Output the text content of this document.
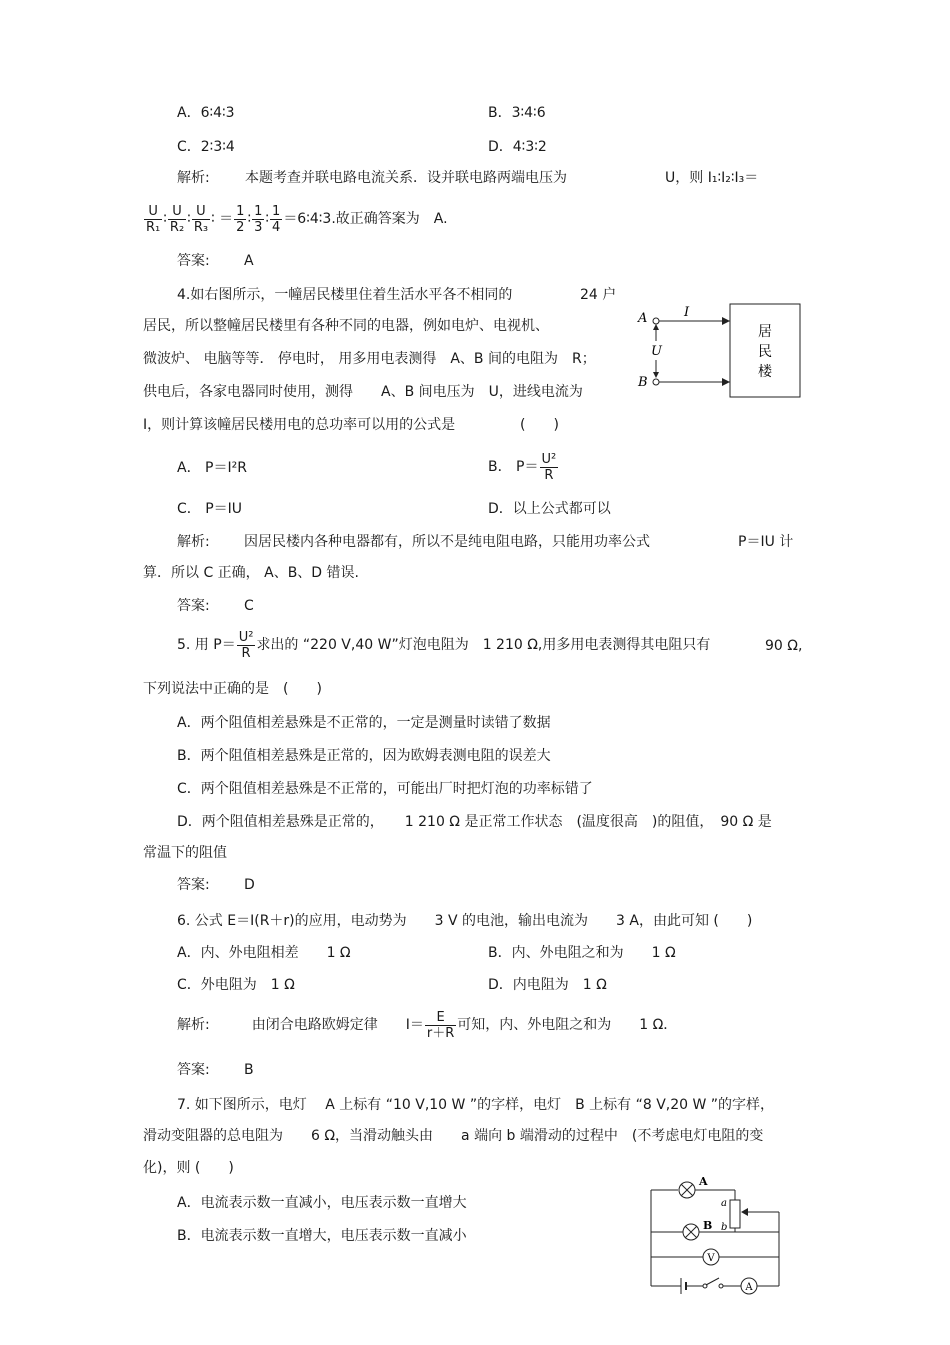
A．6∶4∶3	B．3∶4∶6
C．2∶3∶4	D．4∶3∶2
解析:	本题考查并联电路电流关系．设并联电路两端电压为	U，则 I₁∶I₂∶I₃＝
$\frac{U}{\text{R₁}}$ ∶ $\frac{U}{\text{R₂}}$ ∶ $\frac{U}{\text{R₃}}$ ∶ ＝ $\frac{1}{2}$ ∶ $\frac{1}{3}$ ∶ $\frac{1}{4}$ ＝6∶4∶3.故正确答案为　A.
答案: A
4.如右图所示，一幢居民楼里住着生活水平各不相同的	24 户
居民，所以整幢居民楼里有各种不同的电器，例如电炉、电视机、
微波炉、 电脑等等． 停电时， 用多用电表测得　A、B 间的电阻为　R；
供电后，各家电器同时使用，测得　　A、B 间电压为　U，进线电流为
I，则计算该幢居民楼用电的总功率可以用的公式是	(　　)
A	I
U
B
居
民
楼
A． P＝I²R	B． $P= \frac{\text{U²}}{R}$
C． P＝IU	D．以上公式都可以
解析: 因居民楼内各种电器都有，所以不是纯电阻电路，只能用功率公式	P＝IU 计
算．所以 C 正确， A、B、D 错误.
答案: C
5. 用 $P= \frac{\text{U²}}{R}$ 求出的 “220 V,40 W”灯泡电阻为　1 210 Ω,用多用电表测得其电阻只有	90 Ω,
下列说法中正确的是　(　　)
A．两个阻值相差悬殊是不正常的，一定是测量时读错了数据
B．两个阻值相差悬殊是正常的，因为欧姆表测电阻的误差大
C．两个阻值相差悬殊是不正常的，可能出厂时把灯泡的功率标错了
D．两个阻值相差悬殊是正常的，　　1 210 Ω 是正常工作状态　(温度很高　)的阻值，　90 Ω 是
常温下的阻值
答案: D
6. 公式 E＝I(R＋r)的应用，电动势为　　3 V 的电池，输出电流为　　3 A，由此可知 (　　)
A．内、外电阻相差　　1 Ω	B．内、外电阻之和为　　1 Ω
C．外电阻为　1 Ω	D．内电阻为　1 Ω
解析:　　　	由闭合电路欧姆定律　　$I= \frac{E}{r+R}$ 可知，内、外电阻之和为　　1 Ω．
答案: B
7. 如下图所示，电灯　 A 上标有 “10 V,10 W ”的字样，电灯　B 上标有 “8 V,20 W ”的字样，
滑动变阻器的总电阻为　　6 Ω，当滑动触头由　　a 端向 b 端滑动的过程中　(不考虑电灯电阻的变
化)，则 (　　)
A．电流表示数一直减小，电压表示数一直增大
B．电流表示数一直增大，电压表示数一直减小
A
a
b
B
V
A
